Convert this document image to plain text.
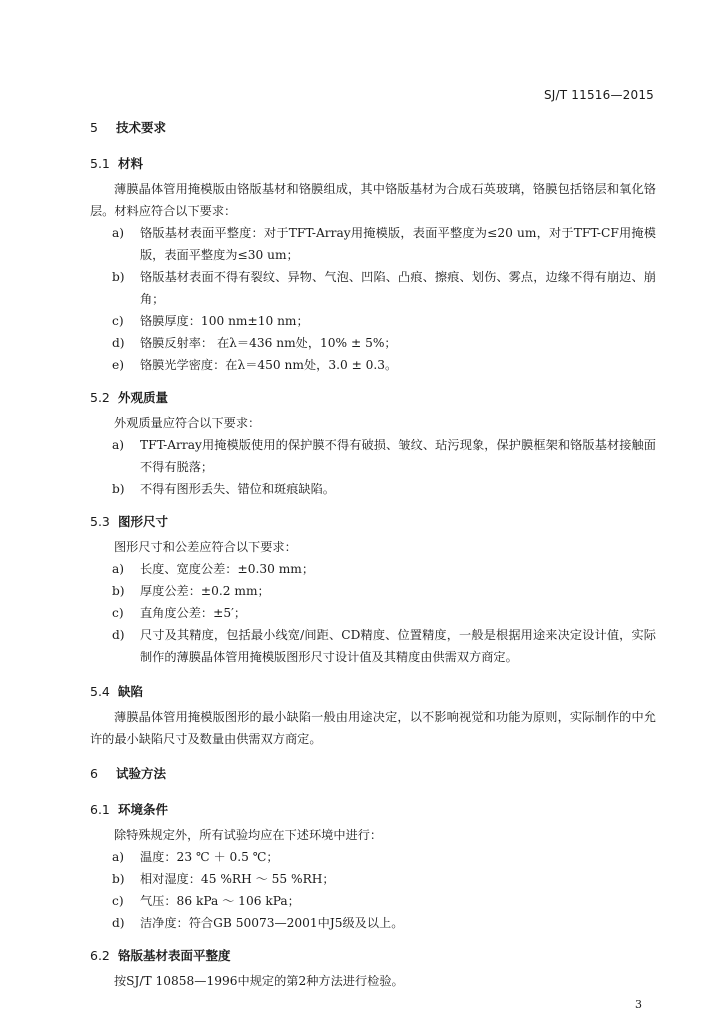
SJ/T 11516—2015
5 技术要求
5.1 材料
薄膜晶体管用掩模版由铬版基材和铬膜组成，其中铬版基材为合成石英玻璃，铬膜包括铬层和氧化铬层。材料应符合以下要求：
a)	铬版基材表面平整度：对于TFT-Array用掩模版，表面平整度为≤20 um，对于TFT-CF用掩模版，表面平整度为≤30 um；
b)	铬版基材表面不得有裂纹、异物、气泡、凹陷、凸痕、擦痕、划伤、雾点，边缘不得有崩边、崩角；
c)	铬膜厚度：100 nm±10 nm；
d)	铬膜反射率： 在λ＝436 nm处，10% ± 5%；
e)	铬膜光学密度：在λ＝450 nm处，3.0 ± 0.3。
5.2 外观质量
外观质量应符合以下要求：
a)	TFT-Array用掩模版使用的保护膜不得有破损、皱纹、玷污现象，保护膜框架和铬版基材接触面不得有脱落；
b)	不得有图形丢失、错位和斑痕缺陷。
5.3 图形尺寸
图形尺寸和公差应符合以下要求：
a)	长度、宽度公差：±0.30 mm；
b)	厚度公差：±0.2 mm；
c)	直角度公差：±5′；
d)	尺寸及其精度，包括最小线宽/间距、CD精度、位置精度，一般是根据用途来决定设计值，实际制作的薄膜晶体管用掩模版图形尺寸设计值及其精度由供需双方商定。
5.4 缺陷
薄膜晶体管用掩模版图形的最小缺陷一般由用途决定，以不影响视觉和功能为原则，实际制作的中允许的最小缺陷尺寸及数量由供需双方商定。
6 试验方法
6.1 环境条件
除特殊规定外，所有试验均应在下述环境中进行：
a)	温度：23 ℃ ＋ 0.5 ℃；
b)	相对湿度：45 %RH ～ 55 %RH；
c)	气压：86 kPa ～ 106 kPa；
d)	洁净度：符合GB 50073—2001中J5级及以上。
6.2 铬版基材表面平整度
按SJ/T 10858—1996中规定的第2种方法进行检验。
3
